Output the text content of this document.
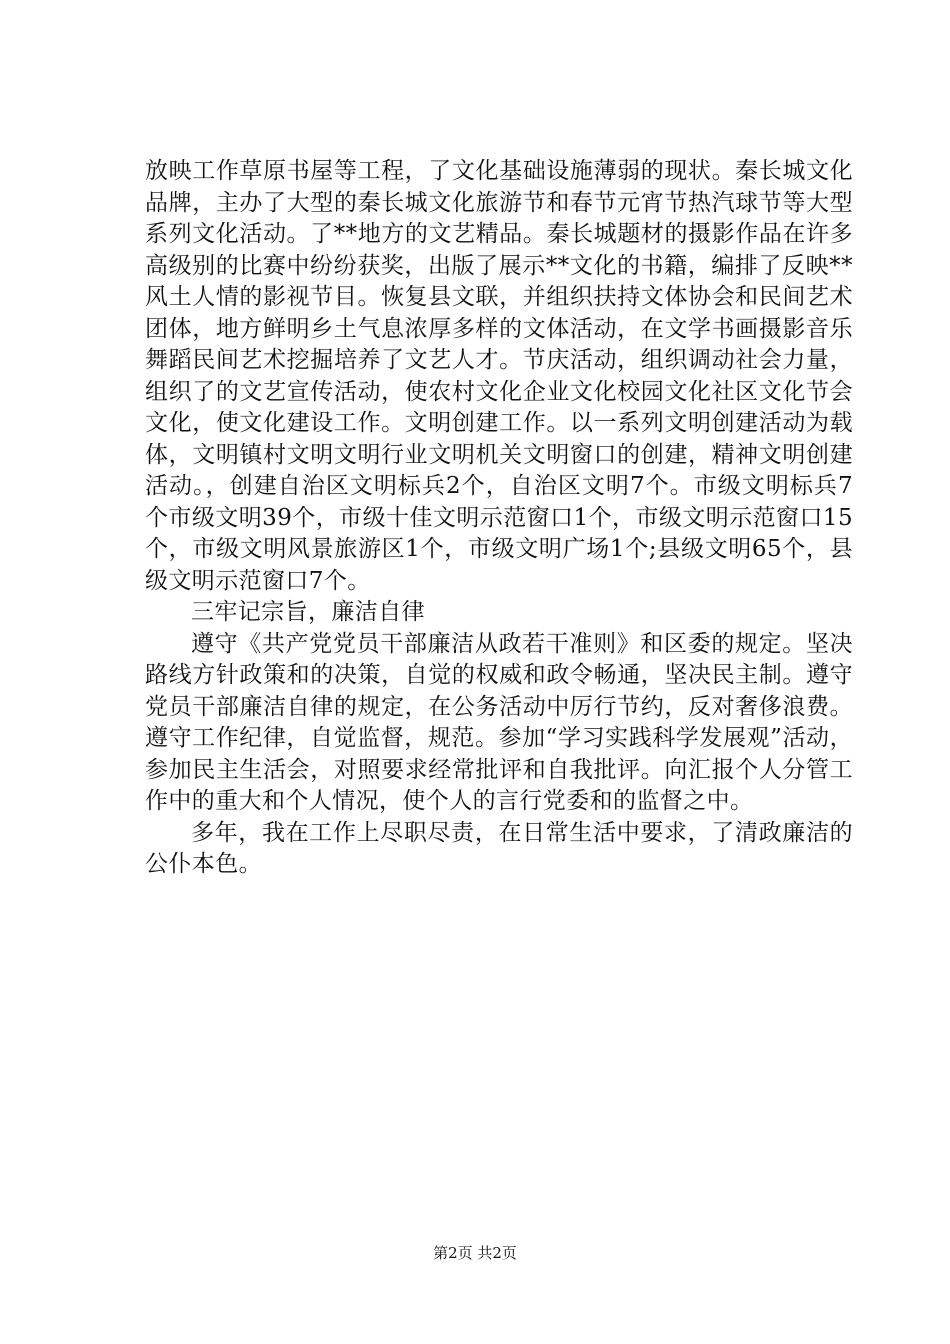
放映工作草原书屋等工程，了文化基础设施薄弱的现状。秦长城文化品牌，主办了大型的秦长城文化旅游节和春节元宵节热汽球节等大型系列文化活动。了**地方的文艺精品。秦长城题材的摄影作品在许多高级别的比赛中纷纷获奖，出版了展示**文化的书籍，编排了反映**风土人情的影视节目。恢复县文联，并组织扶持文体协会和民间艺术团体，地方鲜明乡土气息浓厚多样的文体活动，在文学书画摄影音乐舞蹈民间艺术挖掘培养了文艺人才。节庆活动，组织调动社会力量，组织了的文艺宣传活动，使农村文化企业文化校园文化社区文化节会文化，使文化建设工作。文明创建工作。以一系列文明创建活动为载体，文明镇村文明文明行业文明机关文明窗口的创建，精神文明创建活动。，创建自治区文明标兵2个，自治区文明7个。市级文明标兵7个市级文明39个，市级十佳文明示范窗口1个，市级文明示范窗口15个，市级文明风景旅游区1个，市级文明广场1个;县级文明65个，县级文明示范窗口7个。

三牢记宗旨，廉洁自律

遵守《共产党党员干部廉洁从政若干准则》和区委的规定。坚决路线方针政策和的决策，自觉的权威和政令畅通，坚决民主制。遵守党员干部廉洁自律的规定，在公务活动中厉行节约，反对奢侈浪费。遵守工作纪律，自觉监督，规范。参加“学习实践科学发展观”活动，参加民主生活会，对照要求经常批评和自我批评。向汇报个人分管工作中的重大和个人情况，使个人的言行党委和的监督之中。

多年，我在工作上尽职尽责，在日常生活中要求，了清政廉洁的公仆本色。

第2页 共2页
